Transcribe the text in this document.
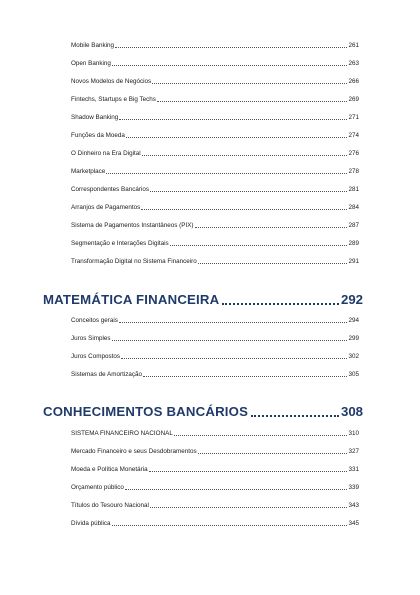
Mobile Banking	261
Open Banking	263
Novos Modelos de Negócios	266
Fintechs, Startups e Big Techs	269
Shadow Banking	271
Funções da Moeda	274
O Dinheiro na Era Digital	276
Marketplace	278
Correspondentes Bancários	281
Arranjos de Pagamentos	284
Sistema de Pagamentos Instantâneos (PIX)	287
Segmentação e Interações Digitais	289
Transformação Digital no Sistema Financeiro	291
MATEMÁTICA FINANCEIRA	292
Conceitos gerais	294
Juros Simples	299
Juros Compostos	302
Sistemas de Amortização	305
CONHECIMENTOS BANCÁRIOS	308
SISTEMA FINANCEIRO NACIONAL	310
Mercado Financeiro e seus Desdobramentos	327
Moeda e Política Monetária	331
Orçamento público	339
Títulos do Tesouro Nacional	343
Dívida pública	345
